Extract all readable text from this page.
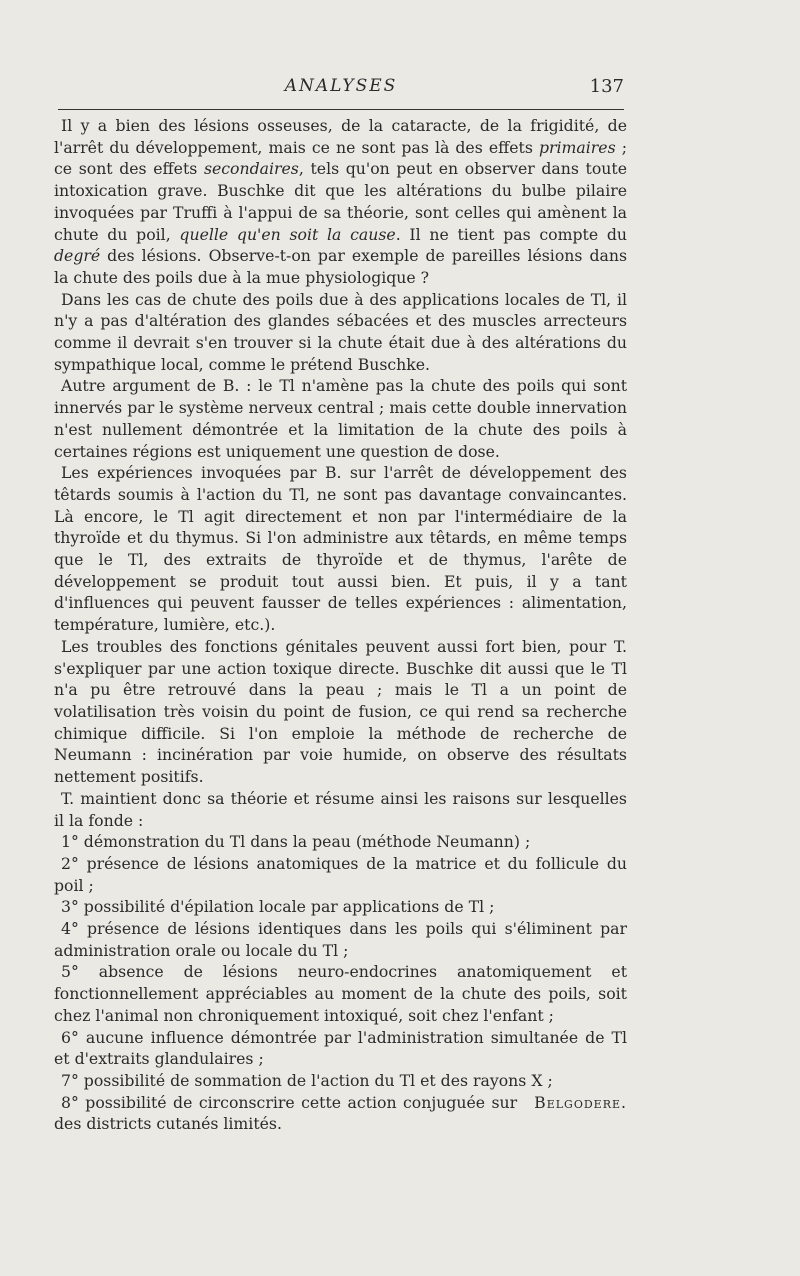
ANALYSES	137

Il y a bien des lésions osseuses, de la cataracte, de la frigidité, de l'arrêt du développement, mais ce ne sont pas là des effets primaires ; ce sont des effets secondaires, tels qu'on peut en observer dans toute intoxication grave. Buschke dit que les altérations du bulbe pilaire invoquées par Truffi à l'appui de sa théorie, sont celles qui amènent la chute du poil, quelle qu'en soit la cause. Il ne tient pas compte du degré des lésions. Observe-t-on par exemple de pareilles lésions dans la chute des poils due à la mue physiologique ?

Dans les cas de chute des poils due à des applications locales de Tl, il n'y a pas d'altération des glandes sébacées et des muscles arrecteurs comme il devrait s'en trouver si la chute était due à des altérations du sympathique local, comme le prétend Buschke.

Autre argument de B. : le Tl n'amène pas la chute des poils qui sont innervés par le système nerveux central ; mais cette double innervation n'est nullement démontrée et la limitation de la chute des poils à certaines régions est uniquement une question de dose.

Les expériences invoquées par B. sur l'arrêt de développement des têtards soumis à l'action du Tl, ne sont pas davantage convaincantes. Là encore, le Tl agit directement et non par l'intermédiaire de la thyroïde et du thymus. Si l'on administre aux têtards, en même temps que le Tl, des extraits de thyroïde et de thymus, l'arête de développement se produit tout aussi bien. Et puis, il y a tant d'influences qui peuvent fausser de telles expériences : alimentation, température, lumière, etc.).

Les troubles des fonctions génitales peuvent aussi fort bien, pour T. s'expliquer par une action toxique directe. Buschke dit aussi que le Tl n'a pu être retrouvé dans la peau ; mais le Tl a un point de volatilisation très voisin du point de fusion, ce qui rend sa recherche chimique difficile. Si l'on emploie la méthode de recherche de Neumann : incinération par voie humide, on observe des résultats nettement positifs.

T. maintient donc sa théorie et résume ainsi les raisons sur lesquelles il la fonde :

1° démonstration du Tl dans la peau (méthode Neumann) ;

2° présence de lésions anatomiques de la matrice et du follicule du poil ;

3° possibilité d'épilation locale par applications de Tl ;

4° présence de lésions identiques dans les poils qui s'éliminent par administration orale ou locale du Tl ;

5° absence de lésions neuro-endocrines anatomiquement et fonctionnellement appréciables au moment de la chute des poils, soit chez l'animal non chroniquement intoxiqué, soit chez l'enfant ;

6° aucune influence démontrée par l'administration simultanée de Tl et d'extraits glandulaires ;

7° possibilité de sommation de l'action du Tl et des rayons X ;

Belgodere.
8° possibilité de circonscrire cette action conjuguée sur des districts cutanés limités.
